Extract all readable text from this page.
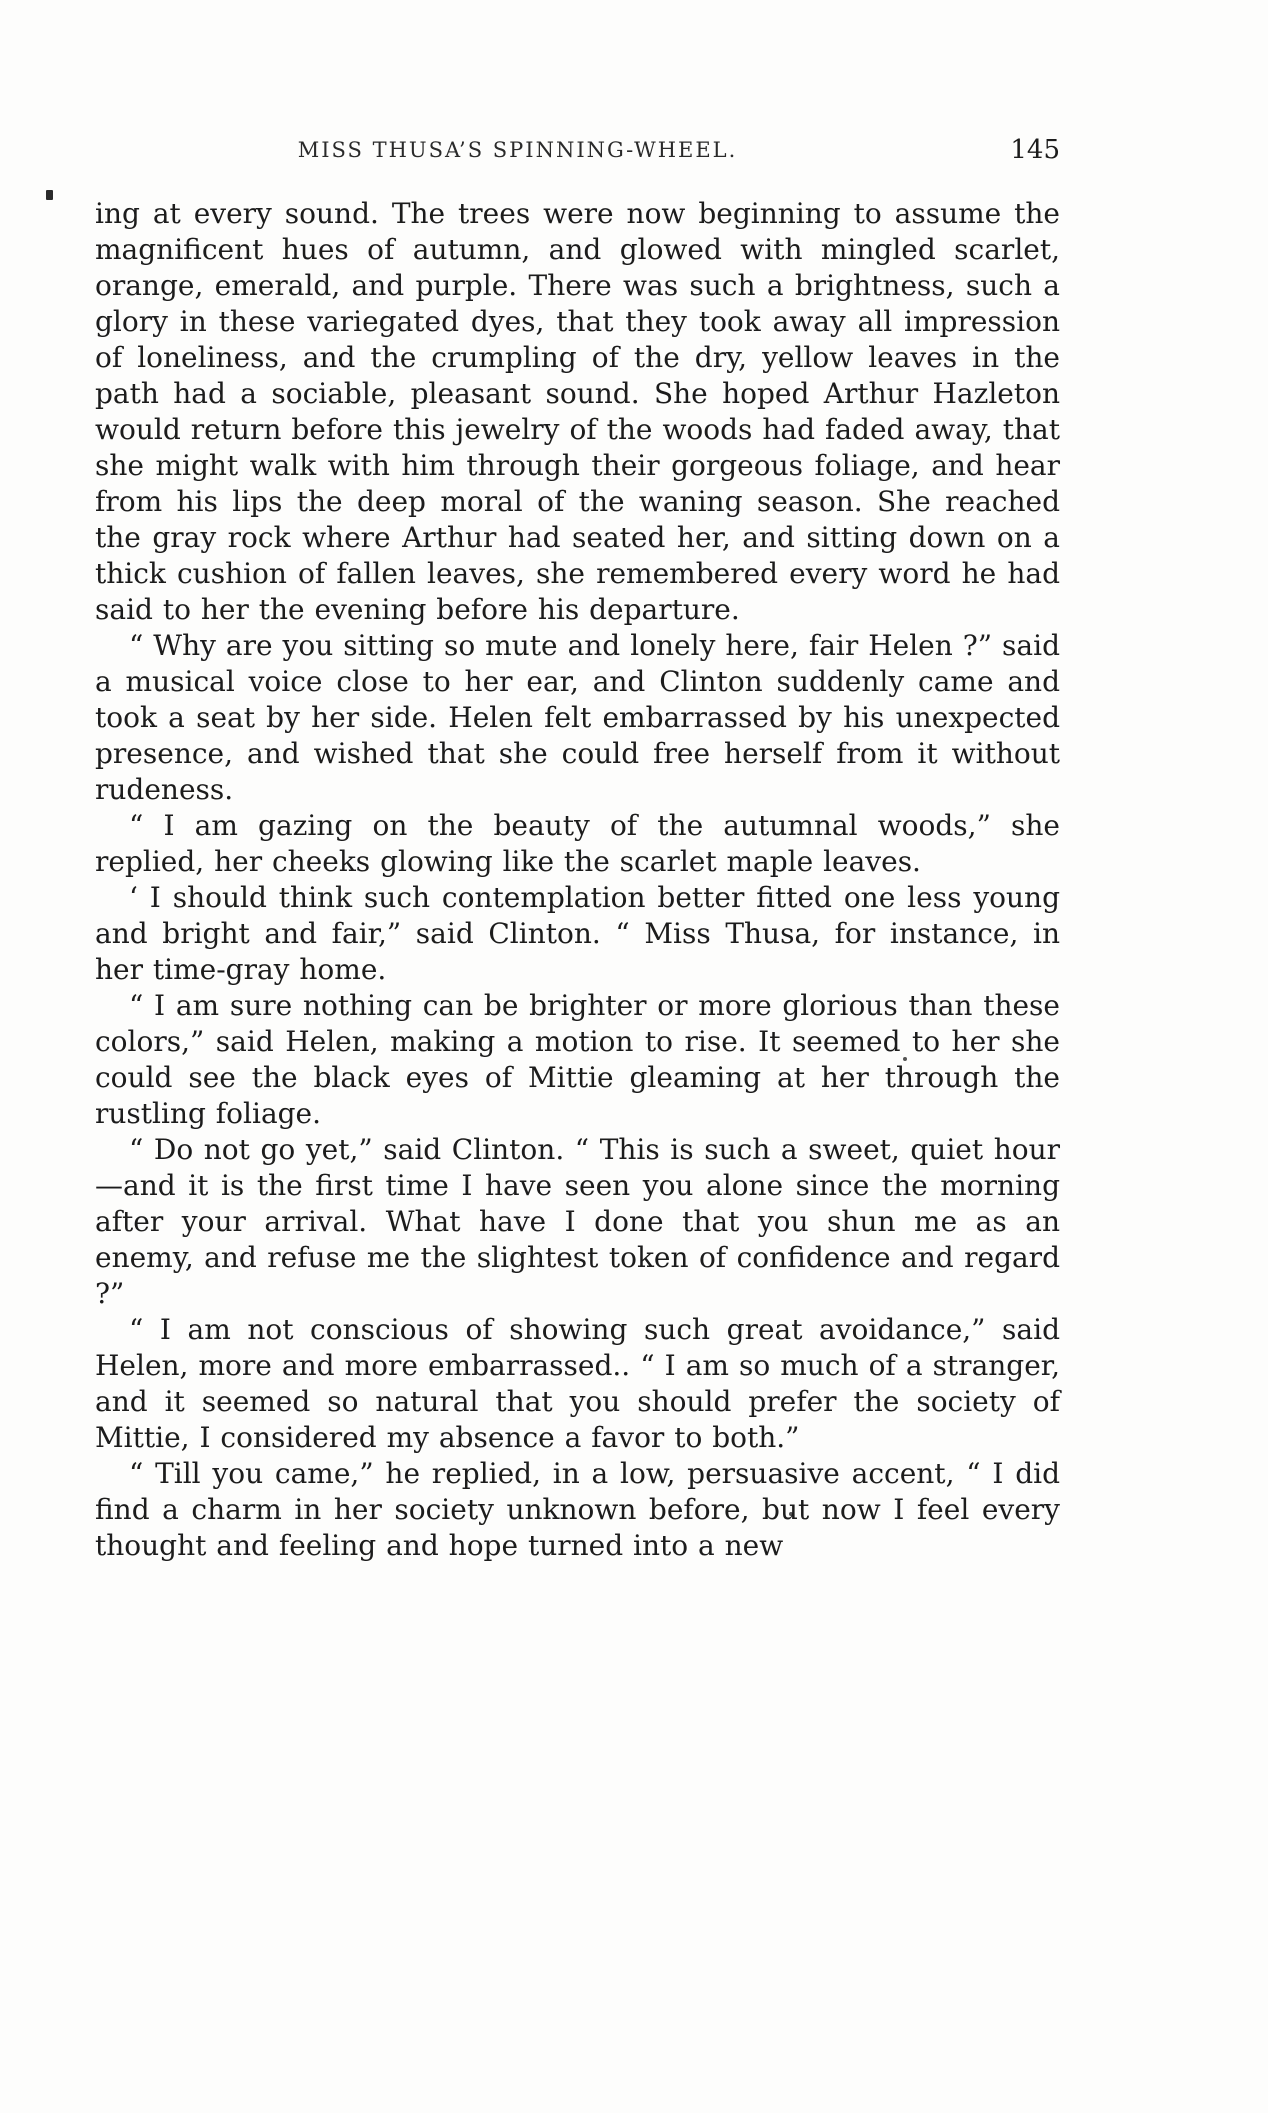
MISS THUSA’S SPINNING-WHEEL.	145

ing at every sound. The trees were now beginning to assume the magnificent hues of autumn, and glowed with mingled scarlet, orange, emerald, and purple. There was such a brightness, such a glory in these variegated dyes, that they took away all impression of loneliness, and the crumpling of the dry, yellow leaves in the path had a sociable, pleasant sound. She hoped Arthur Hazleton would return before this jewelry of the woods had faded away, that she might walk with him through their gorgeous foliage, and hear from his lips the deep moral of the waning season. She reached the gray rock where Arthur had seated her, and sitting down on a thick cushion of fallen leaves, she remembered every word he had said to her the evening before his departure.

“ Why are you sitting so mute and lonely here, fair Helen ?” said a musical voice close to her ear, and Clinton suddenly came and took a seat by her side. Helen felt embarrassed by his unexpected presence, and wished that she could free herself from it without rudeness.

“ I am gazing on the beauty of the autumnal woods,” she replied, her cheeks glowing like the scarlet maple leaves.

‘ I should think such contemplation better fitted one less young and bright and fair,” said Clinton. “ Miss Thusa, for instance, in her time-gray home.

“ I am sure nothing can be brighter or more glorious than these colors,” said Helen, making a motion to rise. It seemed to her she could see the black eyes of Mittie gleaming at her through the rustling foliage.

“ Do not go yet,” said Clinton. “ This is such a sweet, quiet hour—and it is the first time I have seen you alone since the morning after your arrival. What have I done that you shun me as an enemy, and refuse me the slightest token of confidence and regard ?”

“ I am not conscious of showing such great avoidance,” said Helen, more and more embarrassed.. “ I am so much of a stranger, and it seemed so natural that you should prefer the society of Mittie, I considered my absence a favor to both.”

“ Till you came,” he replied, in a low, persuasive accent, “ I did find a charm in her society unknown before, but now I feel every thought and feeling and hope turned into a new
